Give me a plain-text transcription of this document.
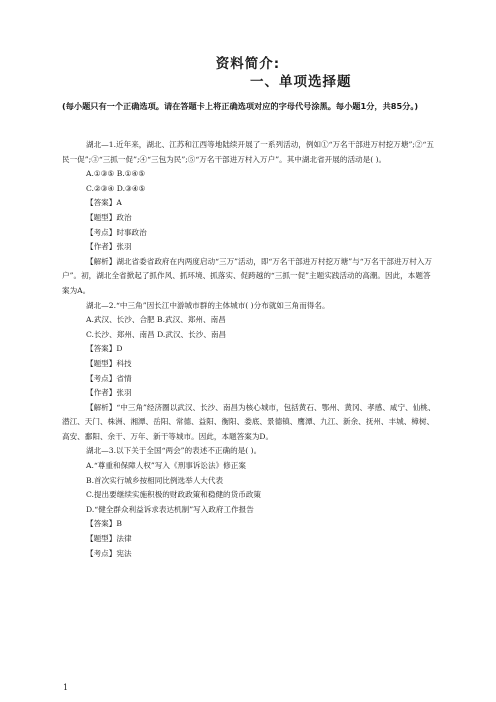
资料简介:
一、单项选择题
(每小题只有一个正确选项。请在答题卡上将正确选项对应的字母代号涂黑。每小题1分，共85分。)

湖北—1.近年来，湖北、江苏和江西等地陆续开展了一系列活动，例如①“万名干部进万村挖万塘”;②“五民一促”;③“三抓一促”;④“三包为民”;⑤“万名干部进万村入万户”。其中湖北省开展的活动是( )。

A.①③⑤ B.①④⑤

C.②③④ D.③④⑤

【答案】A

【题型】政治

【考点】时事政治

【作者】张羽

【解析】湖北省委省政府在内两度启动“三万”活动，即“万名干部进万村挖万塘”与“万名干部进万村入万户”。初，湖北全省掀起了抓作风、抓环境、抓落实、促跨越的“三抓一促”主题实践活动的高潮。因此，本题答案为A。

湖北—2.“中三角”因长江中游城市群的主体城市( )分布就如三角而得名。

A.武汉、长沙、合肥 B.武汉、郑州、南昌

C.长沙、郑州、南昌 D.武汉、长沙、南昌

【答案】D

【题型】科技

【考点】省情

【作者】张羽

【解析】“中三角”经济圈以武汉、长沙、南昌为核心城市，包括黄石、鄂州、黄冈、孝感、咸宁、仙桃、潜江、天门、株洲、湘潭、岳阳、常德、益阳、衡阳、娄底、景德镇、鹰潭、九江、新余、抚州、丰城、樟树、高安、鄱阳、余干、万年、新干等城市。因此，本题答案为D。

湖北—3.以下关于全国“两会”的表述不正确的是( )。

A.“尊重和保障人权”写入《刑事诉讼法》修正案

B.首次实行城乡按相同比例选举人大代表

C.提出要继续实施积极的财政政策和稳健的货币政策

D.“健全群众利益诉求表达机制”写入政府工作报告

【答案】B

【题型】法律

【考点】宪法

1
